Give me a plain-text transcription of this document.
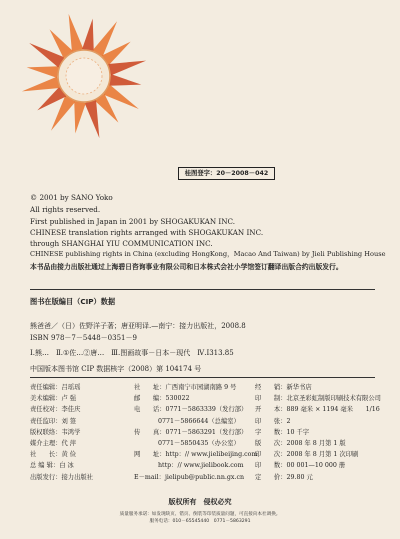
桂图登字：20－2008－042
© 2001 by SANO Yoko
All rights reserved.
First published in Japan in 2001 by SHOGAKUKAN INC.
CHINESE translation rights arranged with SHOGAKUKAN INC.
through SHANGHAI YIU COMMUNICATION INC.
CHINESE publishing rights in China (excluding HongKong，Macao And Taiwan) by Jieli Publishing House
本书品由接力出版社通过上海碧日咨询事业有限公司和日本株式会社小学馆签订翻译出版合约出版发行。
图书在版编目（CIP）数据
熊爸爸／（日）佐野洋子著；唐亚明译.—南宁：接力出版社，2008.8
ISBN 978－7－5448－0351－9
Ⅰ.熊…　Ⅱ.①佐…②唐…　Ⅲ.图画故事－日本－现代　Ⅳ.I313.85
中国版本图书馆 CIP 数据核字（2008）第 104174 号
责任编辑：吕瑶瑶
美术编辑：卢 强
责任校对：李佳庆
责任监印：刘 签
版权联络：韦鸿学
媒介主理：代 萍
社　　长：黄 俭
总 编 辑：白 冰
出版发行：接力出版社
社　　址：广西南宁市园湖南路 9 号
邮　　编：530022
电　　话：0771－5863339（发行部）
0771－5866644（总编室）
传　　真：0771－5863291（发行部）
0771－5850435（办公室）
网　　址：http：// www.jielibeijing.com
http：// www.jielibook.com
E－mail：jielipub@public.nn.gx.cn
经　　销：新华书店
印　　制：北京圣彩虹制版印刷技术有限公司
开　　本：889 毫米 × 1194 毫米　　1/16
印　　张：2
字　　数：10 千字
版　　次：2008 年 8 月第 1 版
印　　次：2008 年 8 月第 1 次印刷
印　　数：00 001—10 000 册
定　　价：29.80 元
版权所有　侵权必究
质量服务承诺：如发现缺页、错页、倒装等印装质量问题，可直接向本社调换。
服务电话：010－65545440　0771－5863291
